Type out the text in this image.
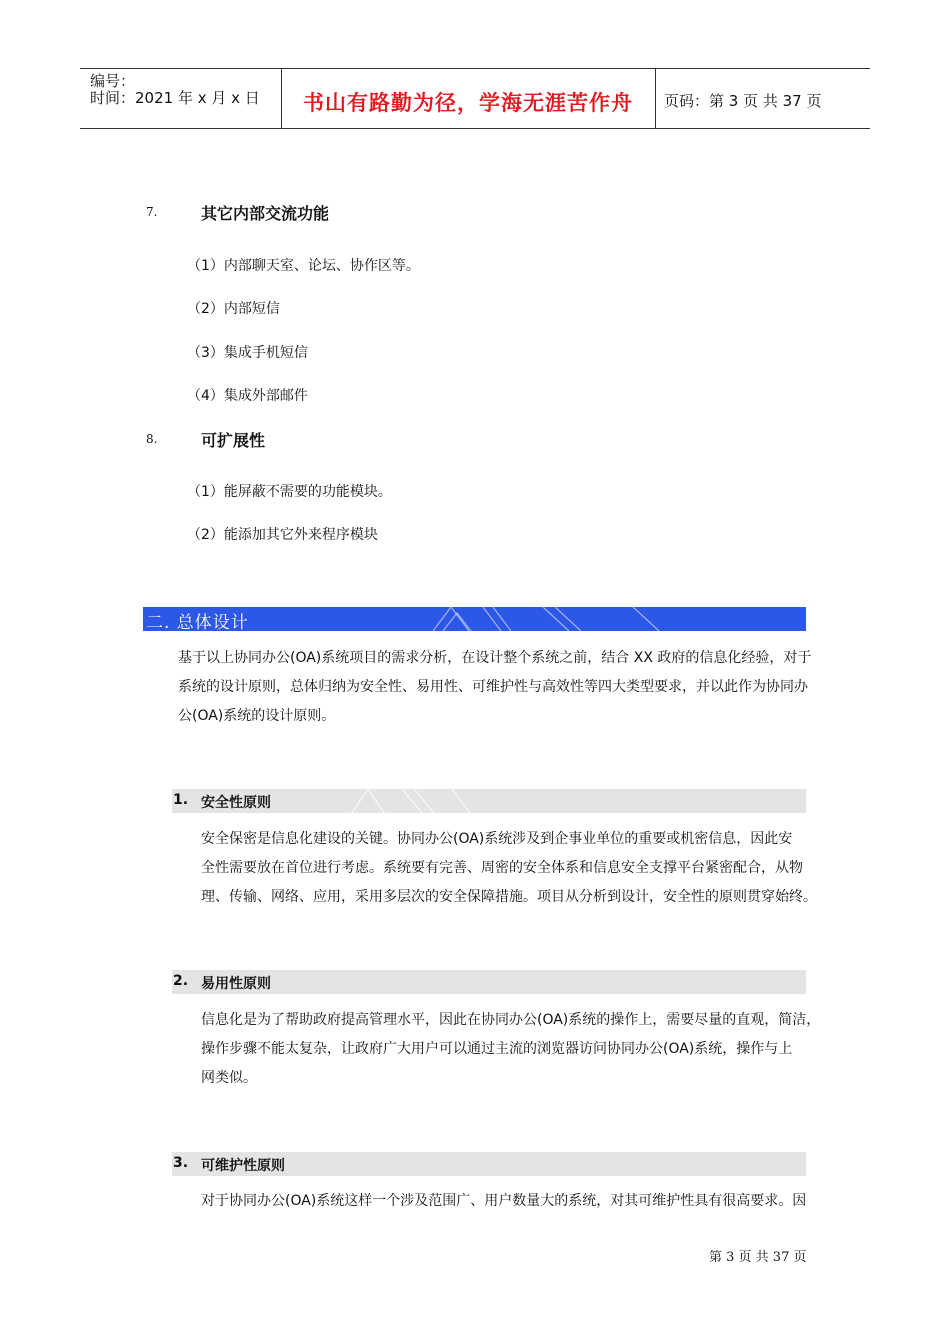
编号：
时间：2021 年 x 月 x 日	书山有路勤为径，学海无涯苦作舟	页码：第 3 页 共 37 页
7.	其它内部交流功能
（1）内部聊天室、论坛、协作区等。
（2）内部短信
（3）集成手机短信
（4）集成外部邮件
8.	可扩展性
（1）能屏蔽不需要的功能模块。
（2）能添加其它外来程序模块
二. 总体设计
基于以上协同办公(OA)系统项目的需求分析，在设计整个系统之前，结合 XX 政府的信息化经验，对于
系统的设计原则，总体归纳为安全性、易用性、可维护性与高效性等四大类型要求，并以此作为协同办
公(OA)系统的设计原则。
1. 安全性原则
安全保密是信息化建设的关键。协同办公(OA)系统涉及到企事业单位的重要或机密信息，因此安
全性需要放在首位进行考虑。系统要有完善、周密的安全体系和信息安全支撑平台紧密配合，从物
理、传输、网络、应用，采用多层次的安全保障措施。项目从分析到设计，安全性的原则贯穿始终。
2. 易用性原则
信息化是为了帮助政府提高管理水平，因此在协同办公(OA)系统的操作上，需要尽量的直观，简洁，
操作步骤不能太复杂，让政府广大用户可以通过主流的浏览器访问协同办公(OA)系统，操作与上
网类似。
3. 可维护性原则
对于协同办公(OA)系统这样一个涉及范围广、用户数量大的系统，对其可维护性具有很高要求。因
第 3 页 共 37 页
